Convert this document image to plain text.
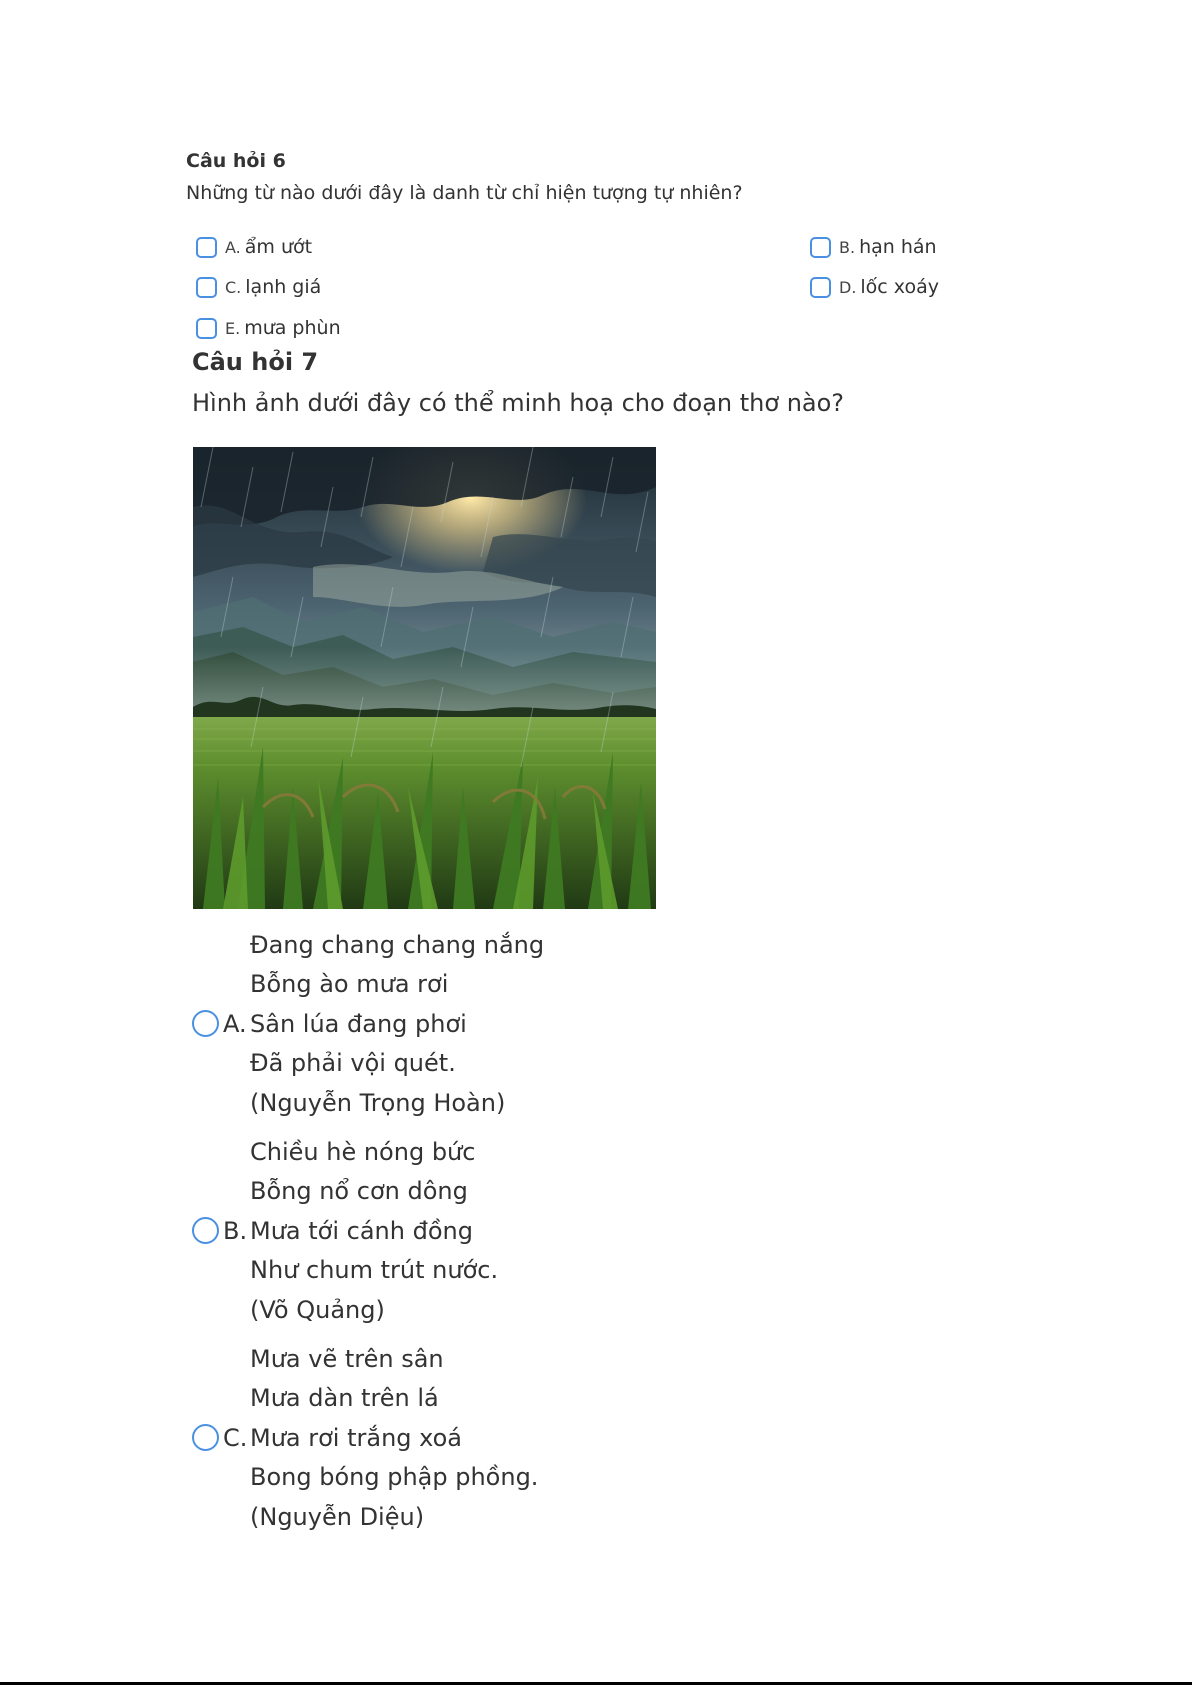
Câu hỏi 6
Những từ nào dưới đây là danh từ chỉ hiện tượng tự nhiên?
A. ẩm ướt	B. hạn hán
C. lạnh giá	D. lốc xoáy
E. mưa phùn
Câu hỏi 7
Hình ảnh dưới đây có thể minh hoạ cho đoạn thơ nào?
Đang chang chang nắng
Bỗng ào mưa rơi
A. Sân lúa đang phơi
Đã phải vội quét.
(Nguyễn Trọng Hoàn)
Chiều hè nóng bức
Bỗng nổ cơn dông
B. Mưa tới cánh đồng
Như chum trút nước.
(Võ Quảng)
Mưa vẽ trên sân
Mưa dàn trên lá
C. Mưa rơi trắng xoá
Bong bóng phập phồng.
(Nguyễn Diệu)
